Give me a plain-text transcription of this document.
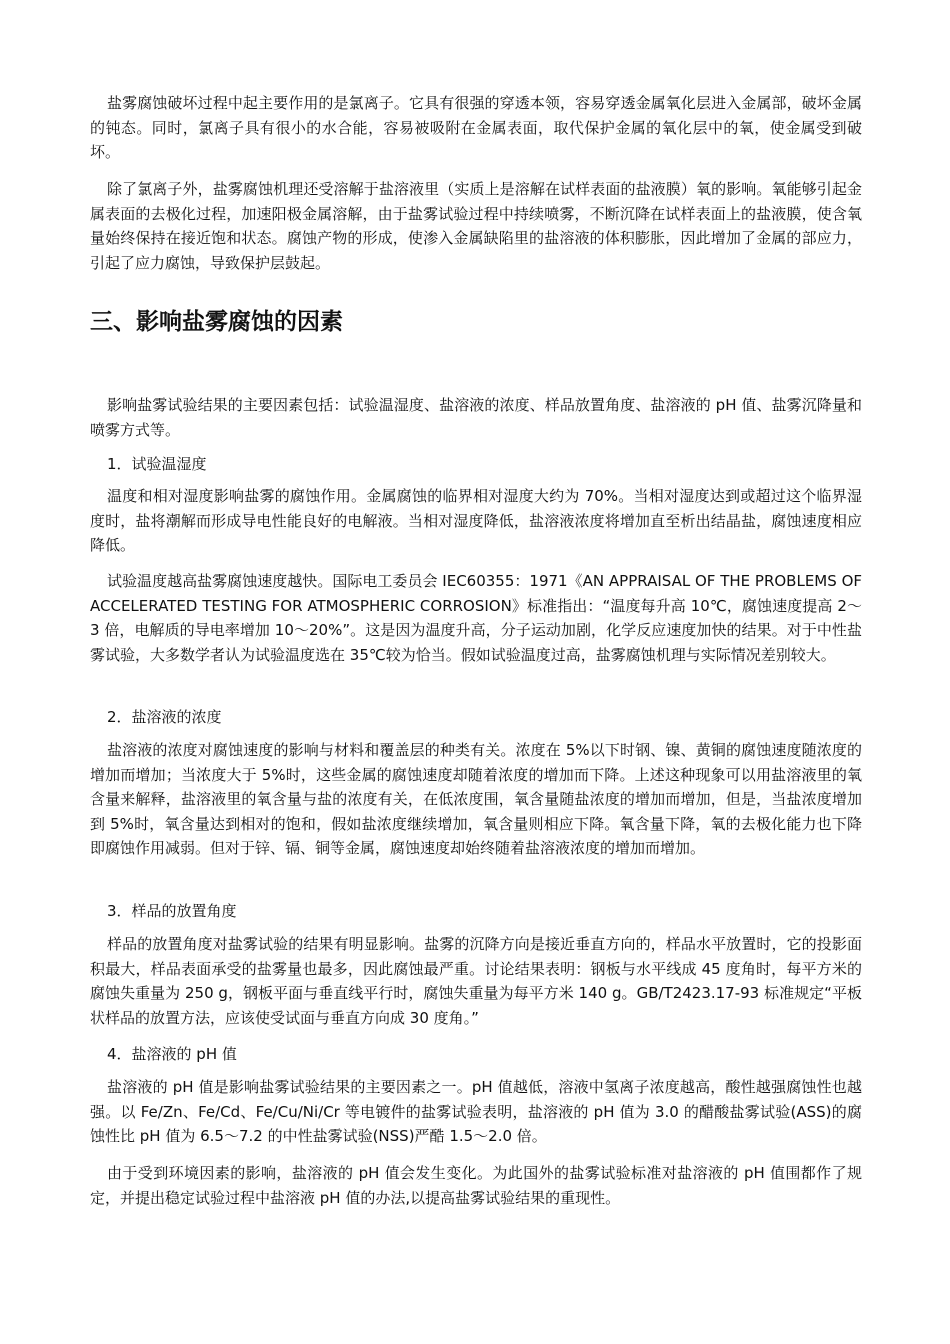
盐雾腐蚀破坏过程中起主要作用的是氯离子。它具有很强的穿透本领，容易穿透金属氧化层进入金属部，破坏金属的钝态。同时，氯离子具有很小的水合能，容易被吸附在金属表面，取代保护金属的氧化层中的氧，使金属受到破坏。

除了氯离子外，盐雾腐蚀机理还受溶解于盐溶液里（实质上是溶解在试样表面的盐液膜）氧的影响。氧能够引起金属表面的去极化过程，加速阳极金属溶解，由于盐雾试验过程中持续喷雾，不断沉降在试样表面上的盐液膜，使含氧量始终保持在接近饱和状态。腐蚀产物的形成，使渗入金属缺陷里的盐溶液的体积膨胀，因此增加了金属的部应力，引起了应力腐蚀，导致保护层鼓起。

三、影响盐雾腐蚀的因素

影响盐雾试验结果的主要因素包括：试验温湿度、盐溶液的浓度、样品放置角度、盐溶液的 pH 值、盐雾沉降量和喷雾方式等。

1．试验温湿度

温度和相对湿度影响盐雾的腐蚀作用。金属腐蚀的临界相对湿度大约为 70%。当相对湿度达到或超过这个临界湿度时，盐将潮解而形成导电性能良好的电解液。当相对湿度降低，盐溶液浓度将增加直至析出结晶盐，腐蚀速度相应降低。

试验温度越高盐雾腐蚀速度越快。国际电工委员会 IEC60355：1971《AN APPRAISAL OF THE PROBLEMS OF ACCELERATED TESTING FOR ATMOSPHERIC CORROSION》标准指出：“温度每升高 10℃，腐蚀速度提高 2～3 倍，电解质的导电率增加 10～20%”。这是因为温度升高，分子运动加剧，化学反应速度加快的结果。对于中性盐雾试验，大多数学者认为试验温度选在 35℃较为恰当。假如试验温度过高，盐雾腐蚀机理与实际情况差别较大。

2．盐溶液的浓度

盐溶液的浓度对腐蚀速度的影响与材料和覆盖层的种类有关。浓度在 5%以下时钢、镍、黄铜的腐蚀速度随浓度的增加而增加；当浓度大于 5%时，这些金属的腐蚀速度却随着浓度的增加而下降。上述这种现象可以用盐溶液里的氧含量来解释，盐溶液里的氧含量与盐的浓度有关，在低浓度围，氧含量随盐浓度的增加而增加，但是，当盐浓度增加到 5%时，氧含量达到相对的饱和，假如盐浓度继续增加，氧含量则相应下降。氧含量下降，氧的去极化能力也下降即腐蚀作用减弱。但对于锌、镉、铜等金属，腐蚀速度却始终随着盐溶液浓度的增加而增加。

3．样品的放置角度

样品的放置角度对盐雾试验的结果有明显影响。盐雾的沉降方向是接近垂直方向的，样品水平放置时，它的投影面积最大，样品表面承受的盐雾量也最多，因此腐蚀最严重。讨论结果表明：钢板与水平线成 45 度角时，每平方米的腐蚀失重量为 250 g，钢板平面与垂直线平行时，腐蚀失重量为每平方米 140 g。GB/T2423.17-93 标准规定“平板状样品的放置方法，应该使受试面与垂直方向成 30 度角。”

4．盐溶液的 pH 值

盐溶液的 pH 值是影响盐雾试验结果的主要因素之一。pH 值越低，溶液中氢离子浓度越高，酸性越强腐蚀性也越强。以 Fe/Zn、Fe/Cd、Fe/Cu/Ni/Cr 等电镀件的盐雾试验表明，盐溶液的 pH 值为 3.0 的醋酸盐雾试验(ASS)的腐蚀性比 pH 值为 6.5～7.2 的中性盐雾试验(NSS)严酷 1.5～2.0 倍。

由于受到环境因素的影响，盐溶液的 pH 值会发生变化。为此国外的盐雾试验标准对盐溶液的 pH 值围都作了规定，并提出稳定试验过程中盐溶液 pH 值的办法,以提高盐雾试验结果的重现性。
